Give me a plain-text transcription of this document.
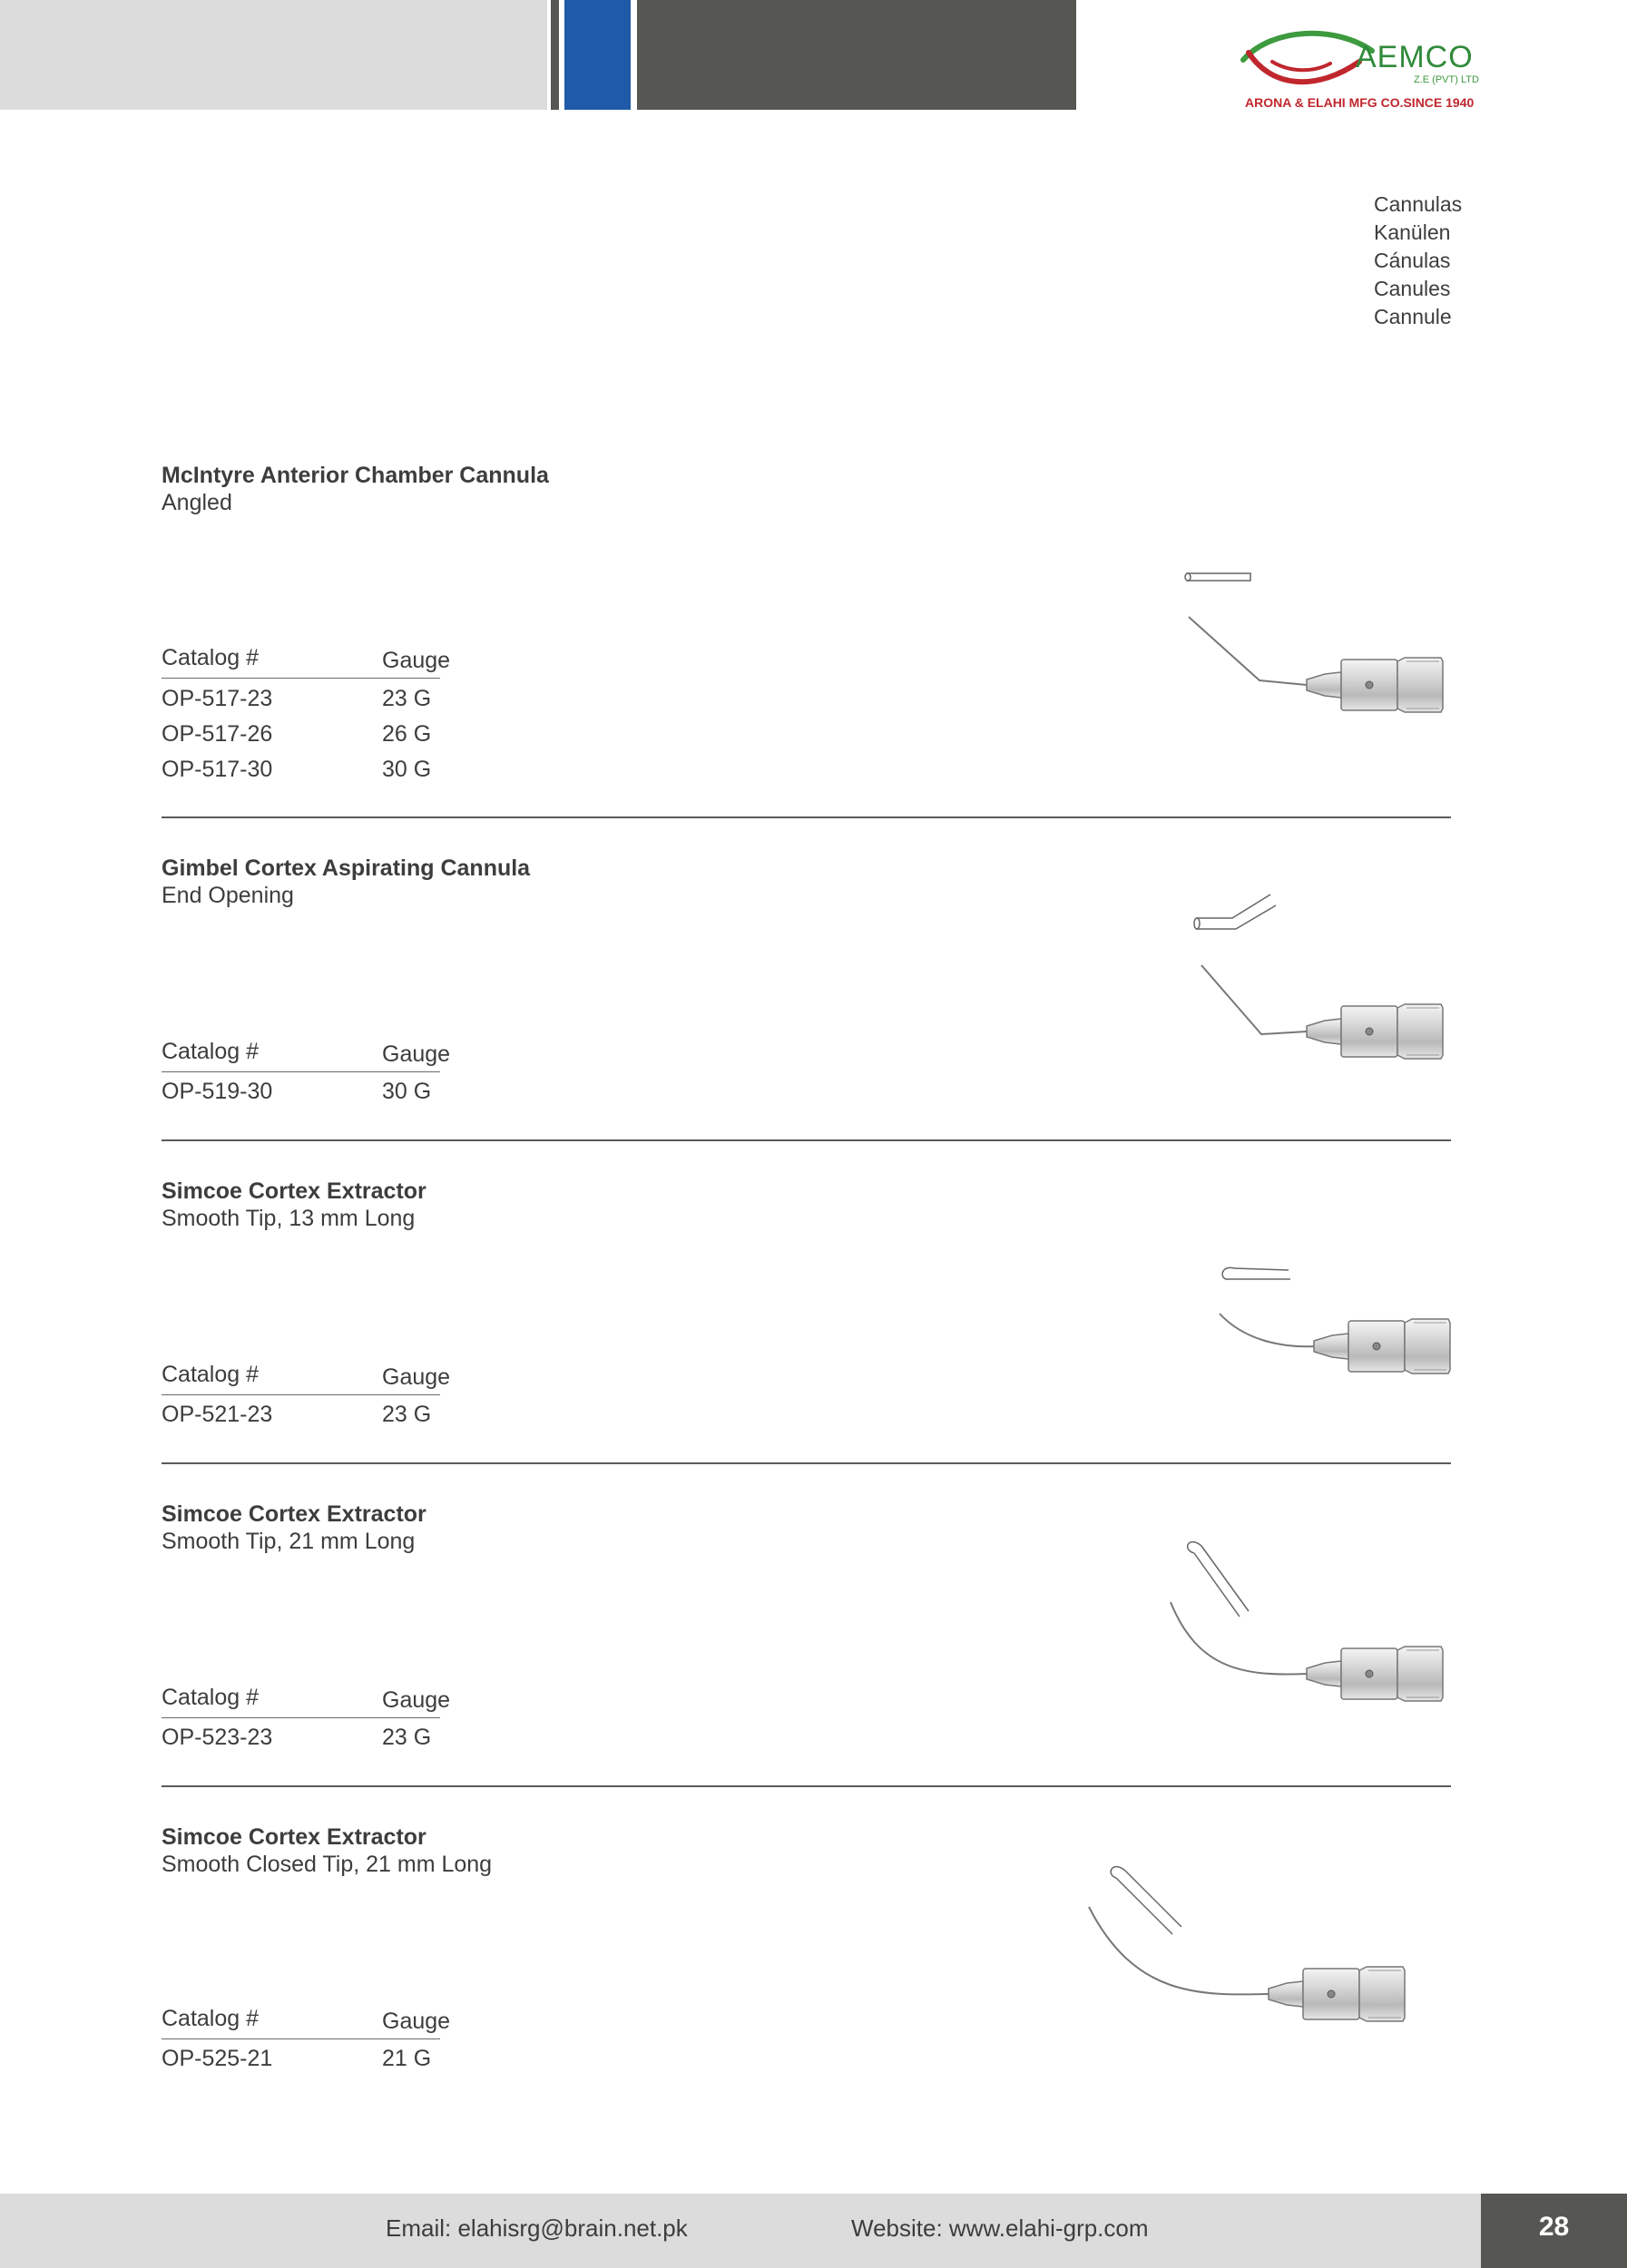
AEMCO
Z.E (PVT) LTD
ARONA & ELAHI MFG CO.SINCE 1940
Cannulas
Kanülen
Cánulas
Canules
Cannule
McIntyre Anterior Chamber Cannula
Angled
Catalog #	Gauge
OP-517-23	23 G
OP-517-26	26 G
OP-517-30	30 G
Gimbel Cortex Aspirating Cannula
End Opening
Catalog #	Gauge
OP-519-30	30 G
Simcoe Cortex Extractor
Smooth Tip, 13 mm Long
Catalog #	Gauge
OP-521-23	23 G
Simcoe Cortex Extractor
Smooth Tip, 21 mm Long
Catalog #	Gauge
OP-523-23	23 G
Simcoe Cortex Extractor
Smooth Closed Tip, 21 mm Long
Catalog #	Gauge
OP-525-21	21 G
Email: elahisrg@brain.net.pk	Website: www.elahi-grp.com	28
